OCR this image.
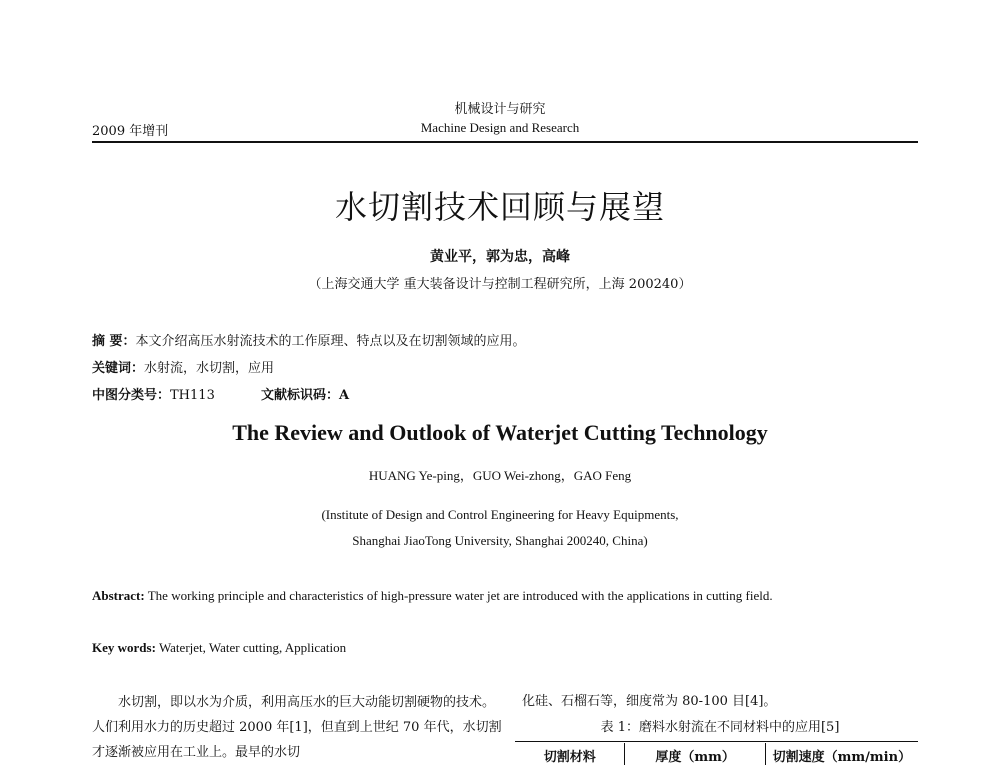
机械设计与研究
2009 年增刊	Machine Design and Research
水切割技术回顾与展望
黄业平，郭为忠，高峰
（上海交通大学 重大装备设计与控制工程研究所，上海 200240）
摘 要：本文介绍高压水射流技术的工作原理、特点以及在切割领域的应用。
关键词：水射流，水切割，应用
中图分类号：TH113	文献标识码：A
The Review and Outlook of Waterjet Cutting Technology
HUANG Ye-ping，GUO Wei-zhong，GAO Feng
(Institute of Design and Control Engineering for Heavy Equipments,
Shanghai JiaoTong University, Shanghai 200240, China)
Abstract: The working principle and characteristics of high-pressure water jet are introduced with the applications in cutting field.
Key words: Waterjet, Water cutting, Application
水切割，即以水为介质，利用高压水的巨大动能切割硬物的技术。人们利用水力的历史超过 2000 年[1]，但直到上世纪 70 年代，水切割才逐渐被应用在工业上。最早的水切
化硅、石榴石等，细度常为 80-100 目[4]。
表 1：磨料水射流在不同材料中的应用[5]
切割材料	厚度（mm）	切割速度（mm/min）
